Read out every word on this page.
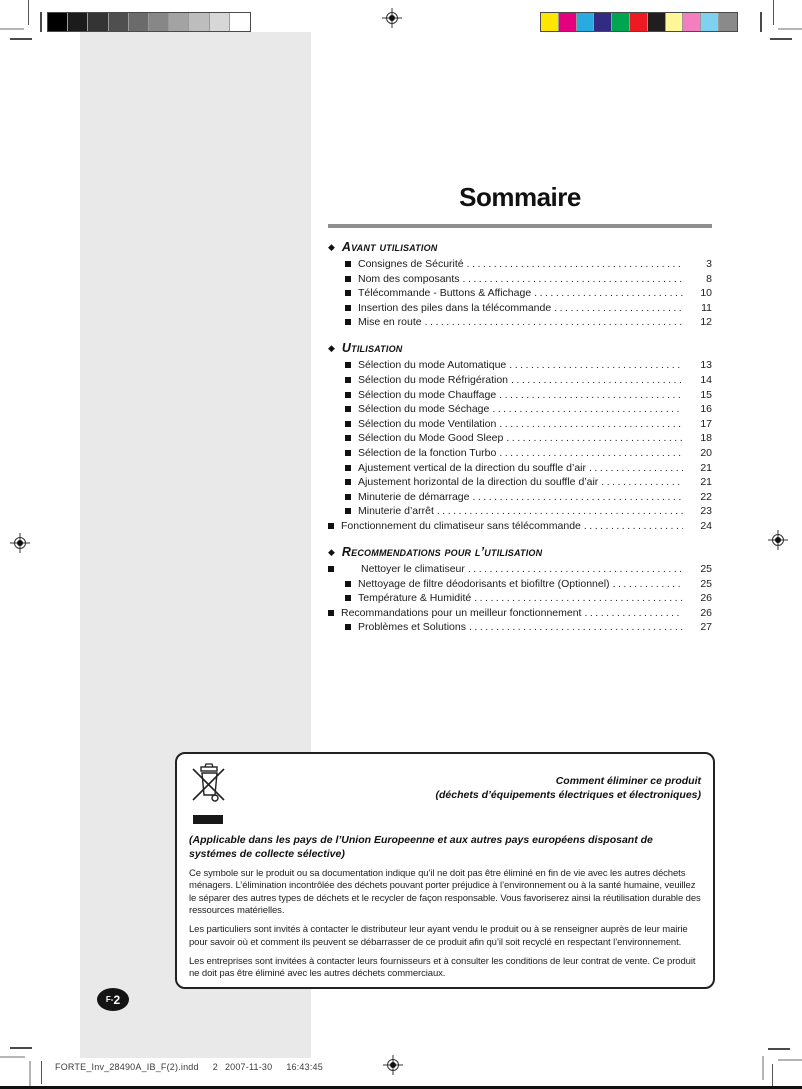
Sommaire
◆ Avant utilisation
Consignes de Sécurité .....	3
Nom des composants .....	8
Télécommande - Buttons & Affichage .....	10
Insertion des piles dans la télécommande .....	11
Mise en route .....	12
◆ Utilisation
Sélection du mode Automatique .....	13
Sélection du mode Réfrigération .....	14
Sélection du mode Chauffage .....	15
Sélection du mode Séchage .....	16
Sélection du mode Ventilation .....	17
Sélection du Mode Good Sleep .....	18
Sélection de la fonction Turbo .....	20
Ajustement vertical de la direction du souffle d’air .....	21
Ajustement horizontal de la direction du souffle d’air .....	21
Minuterie de démarrage .....	22
Minuterie d’arrêt .....	23
Fonctionnement du climatiseur sans télécommande .....	24
◆ Recommendations pour l’utilisation
Nettoyer le climatiseur .....	25
Nettoyage de filtre déodorisants et biofiltre (Optionnel) .....	25
Température & Humidité .....	26
Recommandations pour un meilleur fonctionnement .....	26
Problèmes et Solutions .....	27
Comment éliminer ce produit
(déchets d’équipements électriques et électroniques)
(Applicable dans les pays de l’Union Europeenne et aux autres pays européens disposant de systémes de collecte sélective)

Ce symbole sur le produit ou sa documentation indique qu’il ne doit pas être éliminé en fin de vie avec les autres déchets ménagers. L’élimination incontrôlée des déchets pouvant porter préjudice à l’environnement ou à la santé humaine, veuillez le séparer des autres types de déchets et le recycler de façon responsable. Vous favoriserez ainsi la réutilisation durable des ressources matérielles.

Les particuliers sont invités à contacter le distributeur leur ayant vendu le produit ou à se renseigner auprès de leur mairie pour savoir où et comment ils peuvent se débarrasser de ce produit afin qu’il soit recyclé en respectant l’environnement.

Les entreprises sont invitées à contacter leurs fournisseurs et à consulter les conditions de leur contrat de vente. Ce produit ne doit pas être éliminé avec les autres déchets commerciaux.

F- 2
FORTE_Inv_28490A_IB_F(2).indd 2 2007-11-30 16:43:45
